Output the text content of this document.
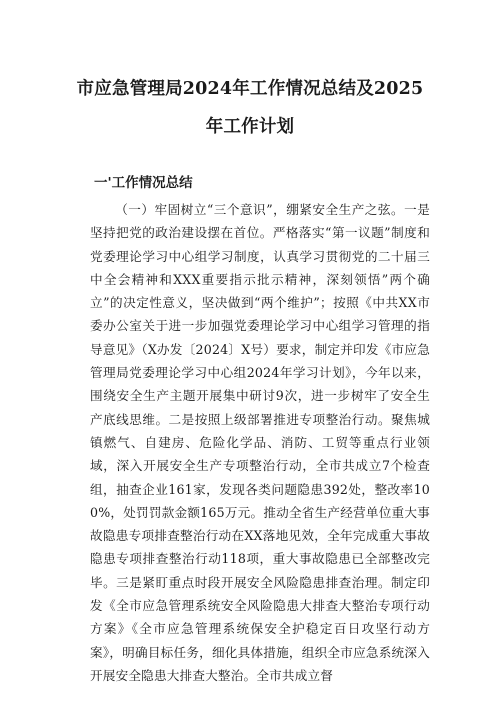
市应急管理局2024年工作情况总结及2025
年工作计划
一'工作情况总结

（一）牢固树立“三个意识”，绷紧安全生产之弦。一是坚持把党的政治建设摆在首位。严格落实“第一议题”制度和党委理论学习中心组学习制度，认真学习贯彻党的二十届三中全会精神和XXX重要指示批示精神，深刻领悟”两个确立”的决定性意义，坚决做到“两个维护”；按照《中共XX市委办公室关于进一步加强党委理论学习中心组学习管理的指导意见》（X办发〔2024〕X号）要求，制定并印发《市应急管理局党委理论学习中心组2024年学习计划》，今年以来，围绕安全生产主题开展集中研讨9次，进一步树牢了安全生产底线思维。二是按照上级部署推进专项整治行动。聚焦城镇燃气、自建房、危险化学品、消防、工贸等重点行业领域，深入开展安全生产专项整治行动，全市共成立7个检查组，抽查企业161家，发现各类问题隐患392处，整改率100%，处罚罚款金额165万元。推动全省生产经营单位重大事故隐患专项排查整治行动在XX落地见效，全年完成重大事故隐患专项排查整治行动118项，重大事故隐患已全部整改完毕。三是紧盯重点时段开展安全风险隐患排查治理。制定印发《全市应急管理系统安全风险隐患大排查大整治专项行动方案》《全市应急管理系统保安全护稳定百日攻坚行动方案》，明确目标任务，细化具体措施，组织全市应急系统深入开展安全隐患大排查大整治。全市共成立督
